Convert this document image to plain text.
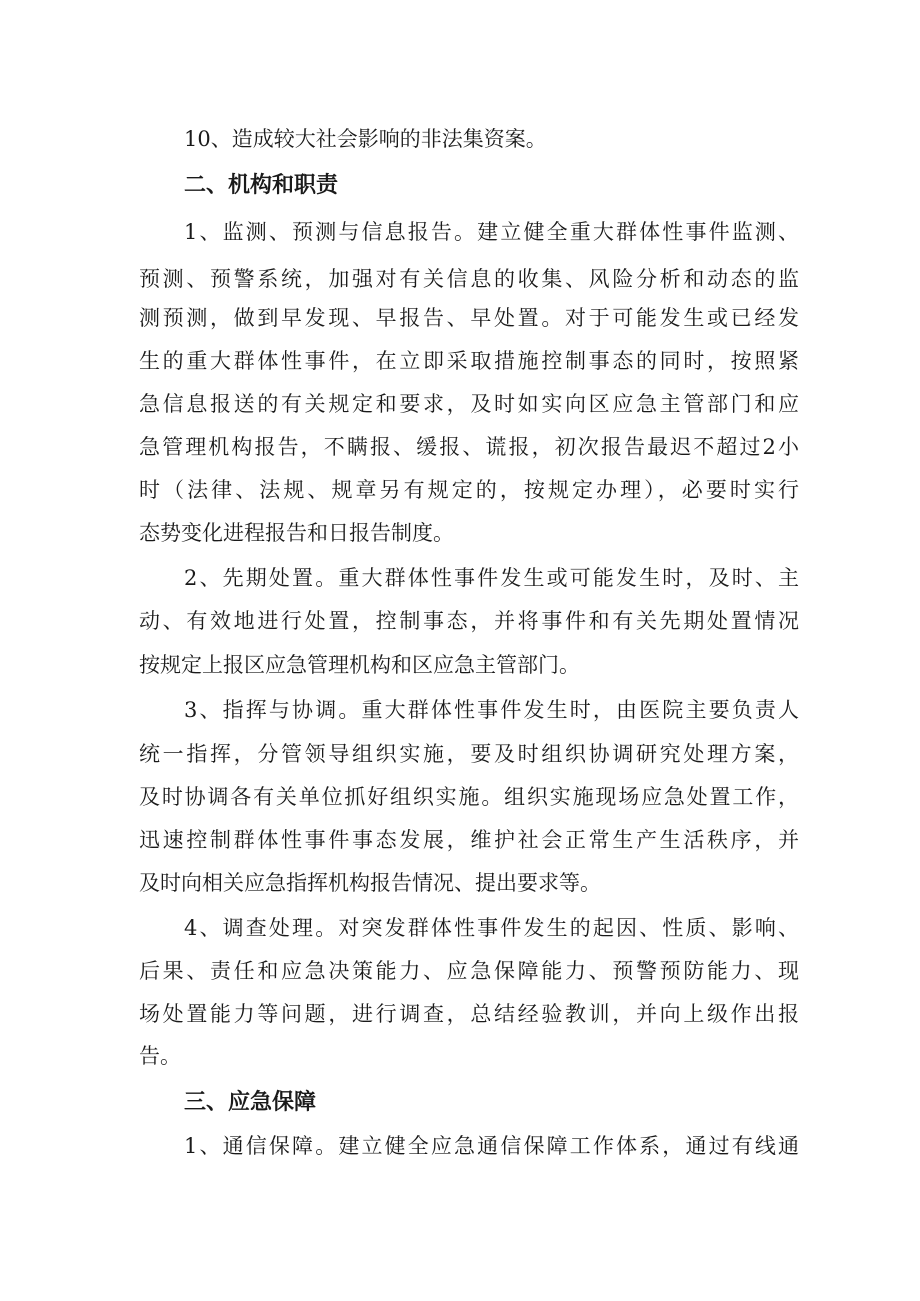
10、造成较大社会影响的非法集资案。
二、机构和职责
1、监测、预测与信息报告。建立健全重大群体性事件监测、
预测、预警系统，加强对有关信息的收集、风险分析和动态的监
测预测，做到早发现、早报告、早处置。对于可能发生或已经发
生的重大群体性事件，在立即采取措施控制事态的同时，按照紧
急信息报送的有关规定和要求，及时如实向区应急主管部门和应
急管理机构报告，不瞒报、缓报、谎报，初次报告最迟不超过2小
时（法律、法规、规章另有规定的，按规定办理），必要时实行
态势变化进程报告和日报告制度。
2、先期处置。重大群体性事件发生或可能发生时，及时、主
动、有效地进行处置，控制事态，并将事件和有关先期处置情况
按规定上报区应急管理机构和区应急主管部门。
3、指挥与协调。重大群体性事件发生时，由医院主要负责人
统一指挥，分管领导组织实施，要及时组织协调研究处理方案，
及时协调各有关单位抓好组织实施。组织实施现场应急处置工作，
迅速控制群体性事件事态发展，维护社会正常生产生活秩序，并
及时向相关应急指挥机构报告情况、提出要求等。
4、调查处理。对突发群体性事件发生的起因、性质、影响、
后果、责任和应急决策能力、应急保障能力、预警预防能力、现
场处置能力等问题，进行调查，总结经验教训，并向上级作出报
告。
三、应急保障
1、通信保障。建立健全应急通信保障工作体系，通过有线通
